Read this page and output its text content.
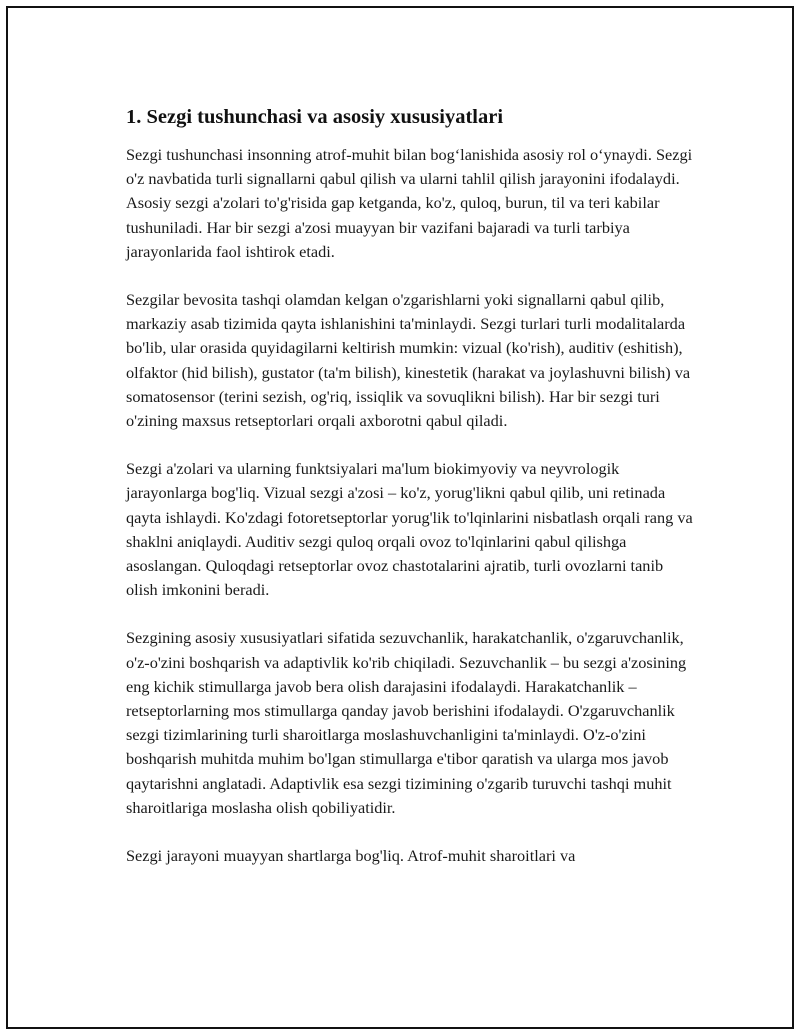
1. Sezgi tushunchasi va asosiy xususiyatlari

Sezgi tushunchasi insonning atrof-muhit bilan bog‘lanishida asosiy rol o‘ynaydi. Sezgi o'z navbatida turli signallarni qabul qilish va ularni tahlil qilish jarayonini ifodalaydi. Asosiy sezgi a'zolari to'g'risida gap ketganda, ko'z, quloq, burun, til va teri kabilar tushuniladi. Har bir sezgi a'zosi muayyan bir vazifani bajaradi va turli tarbiya jarayonlarida faol ishtirok etadi.

Sezgilar bevosita tashqi olamdan kelgan o'zgarishlarni yoki signallarni qabul qilib, markaziy asab tizimida qayta ishlanishini ta'minlaydi. Sezgi turlari turli modalitalarda bo'lib, ular orasida quyidagilarni keltirish mumkin: vizual (ko'rish), auditiv (eshitish), olfaktor (hid bilish), gustator (ta'm bilish), kinestetik (harakat va joylashuvni bilish) va somatosensor (terini sezish, og'riq, issiqlik va sovuqlikni bilish). Har bir sezgi turi o'zining maxsus retseptorlari orqali axborotni qabul qiladi.

Sezgi a'zolari va ularning funktsiyalari ma'lum biokimyoviy va neyvrologik jarayonlarga bog'liq. Vizual sezgi a'zosi – ko'z, yorug'likni qabul qilib, uni retinada qayta ishlaydi. Ko'zdagi fotoretseptorlar yorug'lik to'lqinlarini nisbatlash orqali rang va shaklni aniqlaydi. Auditiv sezgi quloq orqali ovoz to'lqinlarini qabul qilishga asoslangan. Quloqdagi retseptorlar ovoz chastotalarini ajratib, turli ovozlarni tanib olish imkonini beradi.

Sezgining asosiy xususiyatlari sifatida sezuvchanlik, harakatchanlik, o'zgaruvchanlik, o'z-o'zini boshqarish va adaptivlik ko'rib chiqiladi. Sezuvchanlik – bu sezgi a'zosining eng kichik stimullarga javob bera olish darajasini ifodalaydi. Harakatchanlik – retseptorlarning mos stimullarga qanday javob berishini ifodalaydi. O'zgaruvchanlik sezgi tizimlarining turli sharoitlarga moslashuvchanligini ta'minlaydi. O'z-o'zini boshqarish muhitda muhim bo'lgan stimullarga e'tibor qaratish va ularga mos javob qaytarishni anglatadi. Adaptivlik esa sezgi tizimining o'zgarib turuvchi tashqi muhit sharoitlariga moslasha olish qobiliyatidir.

Sezgi jarayoni muayyan shartlarga bog'liq. Atrof-muhit sharoitlari va
